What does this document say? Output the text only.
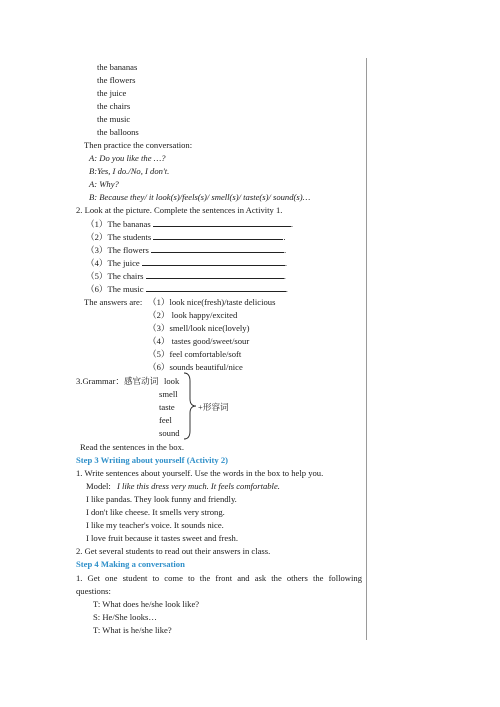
the bananas
the flowers
the juice
the chairs
the music
the balloons
Then practice the conversation:
A: Do you like the …?
B:Yes, I do./No, I don't.
A: Why?
B: Because they/ it look(s)/feels(s)/ smell(s)/ taste(s)/ sound(s)…
2. Look at the picture. Complete the sentences in Activity 1.
（1）The bananas	.
（2）The students	.
（3）The flowers	.
（4）The juice	.
（5）The chairs	.
（6）The music	.
The answers are: （1）look nice(fresh)/taste delicious
（2） look happy/excited
（3）smell/look nice(lovely)
（4） tastes good/sweet/sour
（5）feel comfortable/soft
（6）sounds beautiful/nice
3.Grammar：感官动词 look
smell
taste
feel
sound
+形容词
Read the sentences in the box.
Step 3 Writing about yourself (Activity 2)
1. Write sentences about yourself. Use the words in the box to help you.
Model: I like this dress very much. It feels comfortable.
I like pandas. They look funny and friendly.
I don't like cheese. It smells very strong.
I like my teacher's voice. It sounds nice.
I love fruit because it tastes sweet and fresh.
2. Get several students to read out their answers in class.
Step 4 Making a conversation
1. Get one student to come to the front and ask the others the following
questions:
T: What does he/she look like?
S: He/She looks…
T: What is he/she like?
